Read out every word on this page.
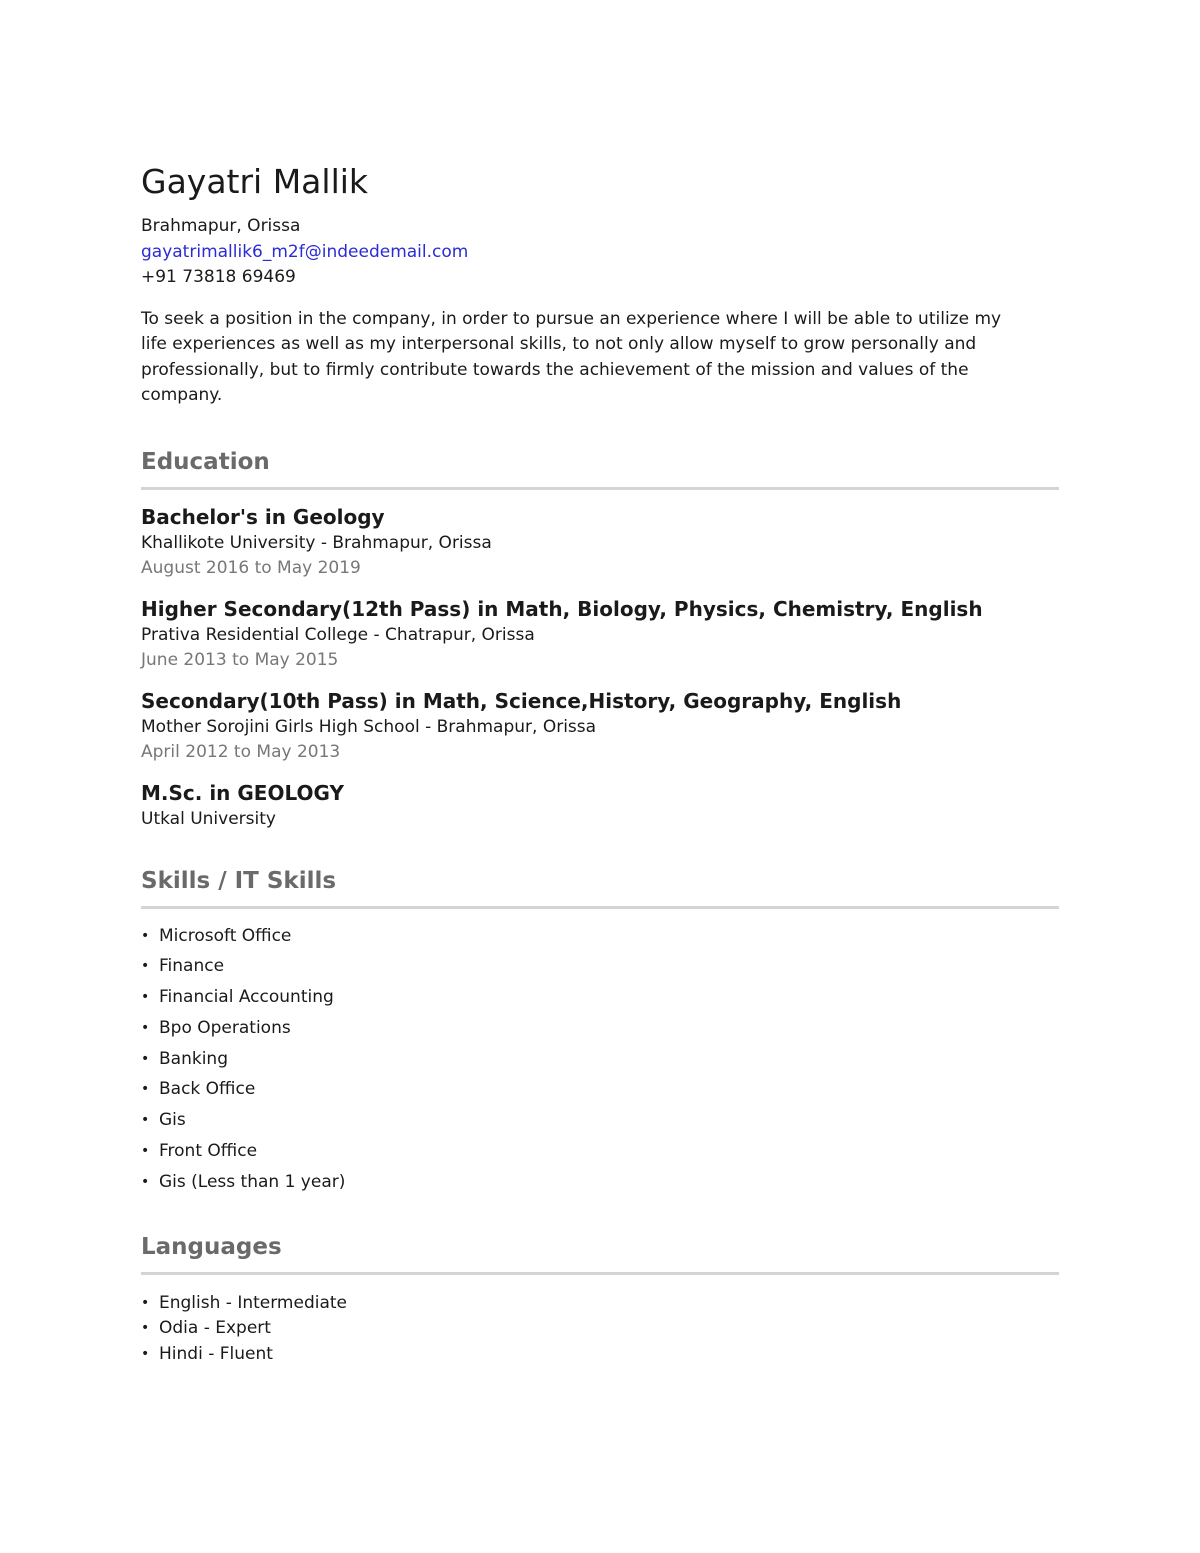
Gayatri Mallik
Brahmapur, Orissa
gayatrimallik6_m2f@indeedemail.com
+91 73818 69469
To seek a position in the company, in order to pursue an experience where I will be able to utilize my life experiences as well as my interpersonal skills, to not only allow myself to grow personally and professionally, but to firmly contribute towards the achievement of the mission and values of the company.
Education
Bachelor's in Geology
Khallikote University - Brahmapur, Orissa
August 2016 to May 2019
Higher Secondary(12th Pass) in Math, Biology, Physics, Chemistry, English
Prativa Residential College - Chatrapur, Orissa
June 2013 to May 2015
Secondary(10th Pass) in Math, Science,History, Geography, English
Mother Sorojini Girls High School - Brahmapur, Orissa
April 2012 to May 2013
M.Sc. in GEOLOGY
Utkal University
Skills / IT Skills
• Microsoft Office
• Finance
• Financial Accounting
• Bpo Operations
• Banking
• Back Office
• Gis
• Front Office
• Gis (Less than 1 year)
Languages
• English - Intermediate
• Odia - Expert
• Hindi - Fluent
